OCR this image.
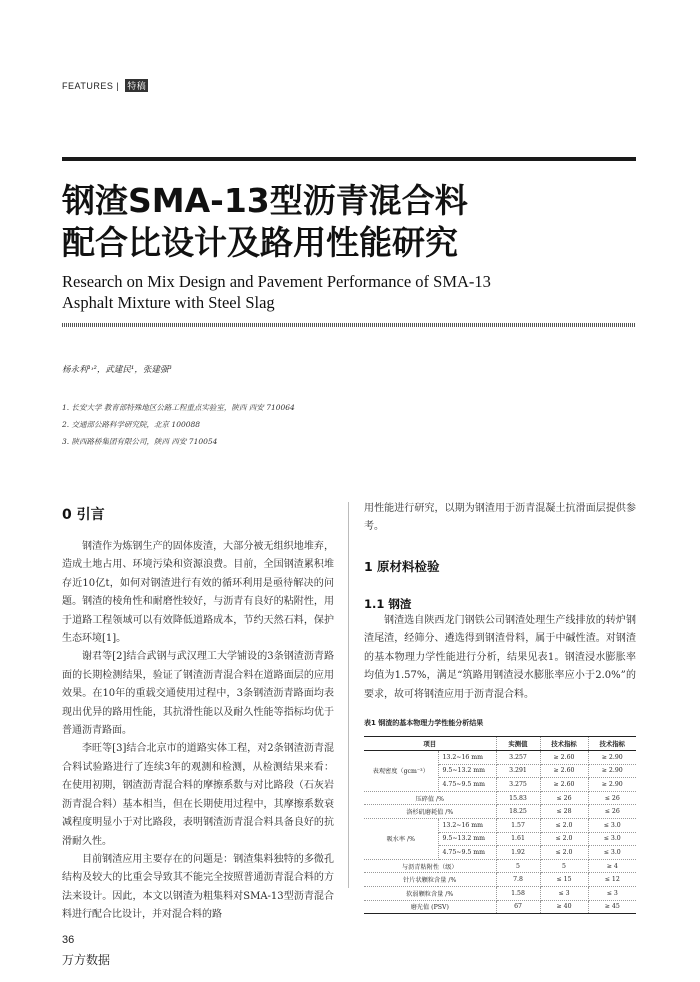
FEATURES | 特稿
钢渣SMA-13型沥青混合料
配合比设计及路用性能研究
Research on Mix Design and Pavement Performance of SMA-13
Asphalt Mixture with Steel Slag
杨永利¹˒²，武建民¹，张建强³
1. 长安大学 教育部特殊地区公路工程重点实验室，陕西 西安 710064
2. 交通部公路科学研究院，北京 100088
3. 陕西路桥集团有限公司，陕西 西安 710054
0 引言

钢渣作为炼钢生产的固体废渣，大部分被无组织地堆弃，造成土地占用、环境污染和资源浪费。目前，全国钢渣累积堆存近10亿t，如何对钢渣进行有效的循环利用是亟待解决的问题。钢渣的棱角性和耐磨性较好，与沥青有良好的粘附性，用于道路工程领域可以有效降低道路成本，节约天然石料，保护生态环境[1]。

谢君等[2]结合武钢与武汉理工大学铺设的3条钢渣沥青路面的长期检测结果，验证了钢渣沥青混合料在道路面层的应用效果。在10年的重载交通使用过程中，3条钢渣沥青路面均表现出优异的路用性能，其抗滑性能以及耐久性能等指标均优于普通沥青路面。

李旺等[3]结合北京市的道路实体工程，对2条钢渣沥青混合料试验路进行了连续3年的观测和检测，从检测结果来看：在使用初期，钢渣沥青混合料的摩擦系数与对比路段（石灰岩沥青混合料）基本相当，但在长期使用过程中，其摩擦系数衰减程度明显小于对比路段，表明钢渣沥青混合料具备良好的抗滑耐久性。

目前钢渣应用主要存在的问题是：钢渣集料独特的多微孔结构及较大的比重会导致其不能完全按照普通沥青混合料的方法来设计。因此，本文以钢渣为粗集料对SMA-13型沥青混合料进行配合比设计，并对混合料的路

用性能进行研究，以期为钢渣用于沥青混凝土抗滑面层提供参考。

1 原材料检验
1.1 钢渣

钢渣选自陕西龙门钢铁公司钢渣处理生产线排放的转炉钢渣尾渣，经筛分、遴选得到钢渣骨料，属于中碱性渣。对钢渣的基本物理力学性能进行分析，结果见表1。钢渣浸水膨胀率均值为1.57%，满足“筑路用钢渣浸水膨胀率应小于2.0%”的要求，故可将钢渣应用于沥青混合料。

表1 钢渣的基本物理力学性能分析结果
项目		实测值	技术指标	技术指标
表观密度（gcm⁻³）	13.2~16 mm	3.257	≥ 2.60	≥ 2.90
	9.5~13.2 mm	3.291	≥ 2.60	≥ 2.90
	4.75~9.5 mm	3.275	≥ 2.60	≥ 2.90
压碎值 /%		15.83	≤ 26	≤ 26
洛杉矶磨耗值 /%		18.25	≤ 28	≤ 26
吸水率 /%	13.2~16 mm	1.57	≤ 2.0	≤ 3.0
	9.5~13.2 mm	1.61	≤ 2.0	≤ 3.0
	4.75~9.5 mm	1.92	≤ 2.0	≤ 3.0
与沥青粘附性（级）		5	5	≥ 4
针片状颗粒含量 /%		7.8	≤ 15	≤ 12
软弱颗粒含量 /%		1.58	≤ 3	≤ 3
磨光值 (PSV)		67	≥ 40	≥ 45
36
万方数据
